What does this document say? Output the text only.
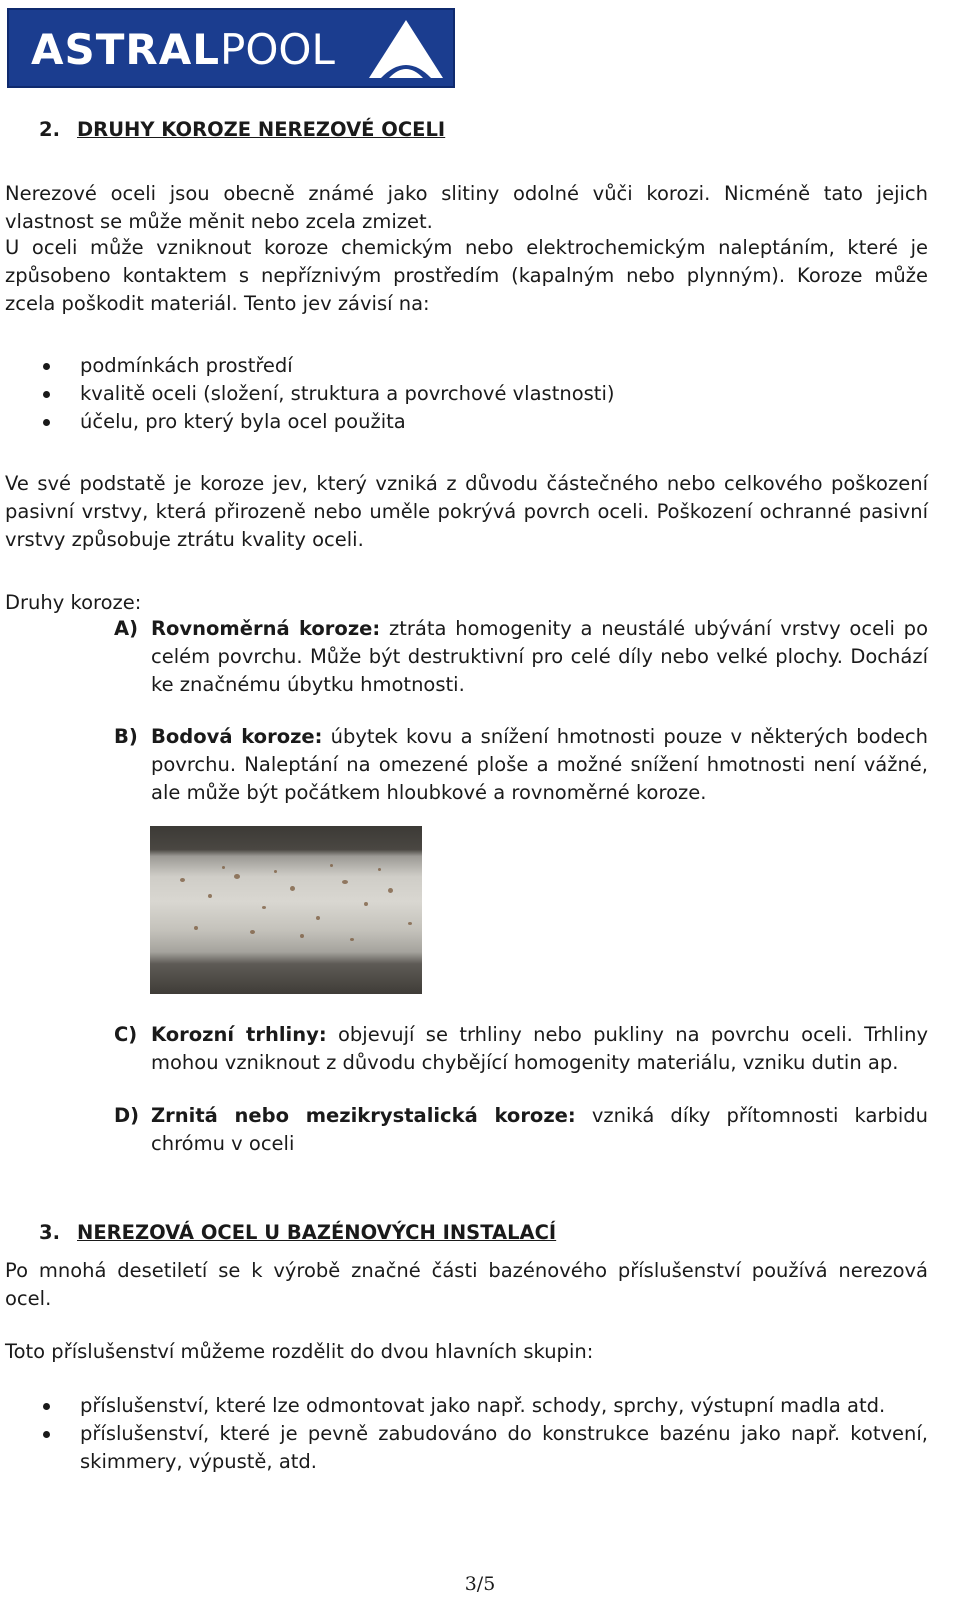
ASTRALPOOL
2. DRUHY KOROZE NEREZOVÉ OCELI
Nerezové oceli jsou obecně známé jako slitiny odolné vůči korozi. Nicméně tato jejich
vlastnost se může měnit nebo zcela zmizet.
U oceli může vzniknout koroze chemickým nebo elektrochemickým naleptáním, které je způsobeno kontaktem s nepříznivým prostředím (kapalným nebo plynným). Koroze může zcela poškodit materiál. Tento jev závisí na:
podmínkách prostředí
kvalitě oceli (složení, struktura a povrchové vlastnosti)
účelu, pro který byla ocel použita
Ve své podstatě je koroze jev, který vzniká z důvodu částečného nebo celkového poškození pasivní vrstvy, která přirozeně nebo uměle pokrývá povrch oceli. Poškození ochranné pasivní vrstvy způsobuje ztrátu kvality oceli.
Druhy koroze:
A) Rovnoměrná koroze: ztráta homogenity a neustálé ubývání vrstvy oceli po celém povrchu. Může být destruktivní pro celé díly nebo velké plochy. Dochází ke značnému úbytku hmotnosti.
B) Bodová koroze: úbytek kovu a snížení hmotnosti pouze v některých bodech povrchu. Naleptání na omezené ploše a možné snížení hmotnosti není vážné, ale může být počátkem hloubkové a rovnoměrné koroze.
C) Korozní trhliny: objevují se trhliny nebo pukliny na povrchu oceli. Trhliny mohou vzniknout z důvodu chybějící homogenity materiálu, vzniku dutin ap.
D) Zrnitá nebo mezikrystalická koroze: vzniká díky přítomnosti karbidu chrómu v oceli
3. NEREZOVÁ OCEL U BAZÉNOVÝCH INSTALACÍ
Po mnohá desetiletí se k výrobě značné části bazénového příslušenství používá nerezová ocel.
Toto příslušenství můžeme rozdělit do dvou hlavních skupin:
příslušenství, které lze odmontovat jako např. schody, sprchy, výstupní madla atd.
příslušenství, které je pevně zabudováno do konstrukce bazénu jako např. kotvení, skimmery, výpustě, atd.
3/5
